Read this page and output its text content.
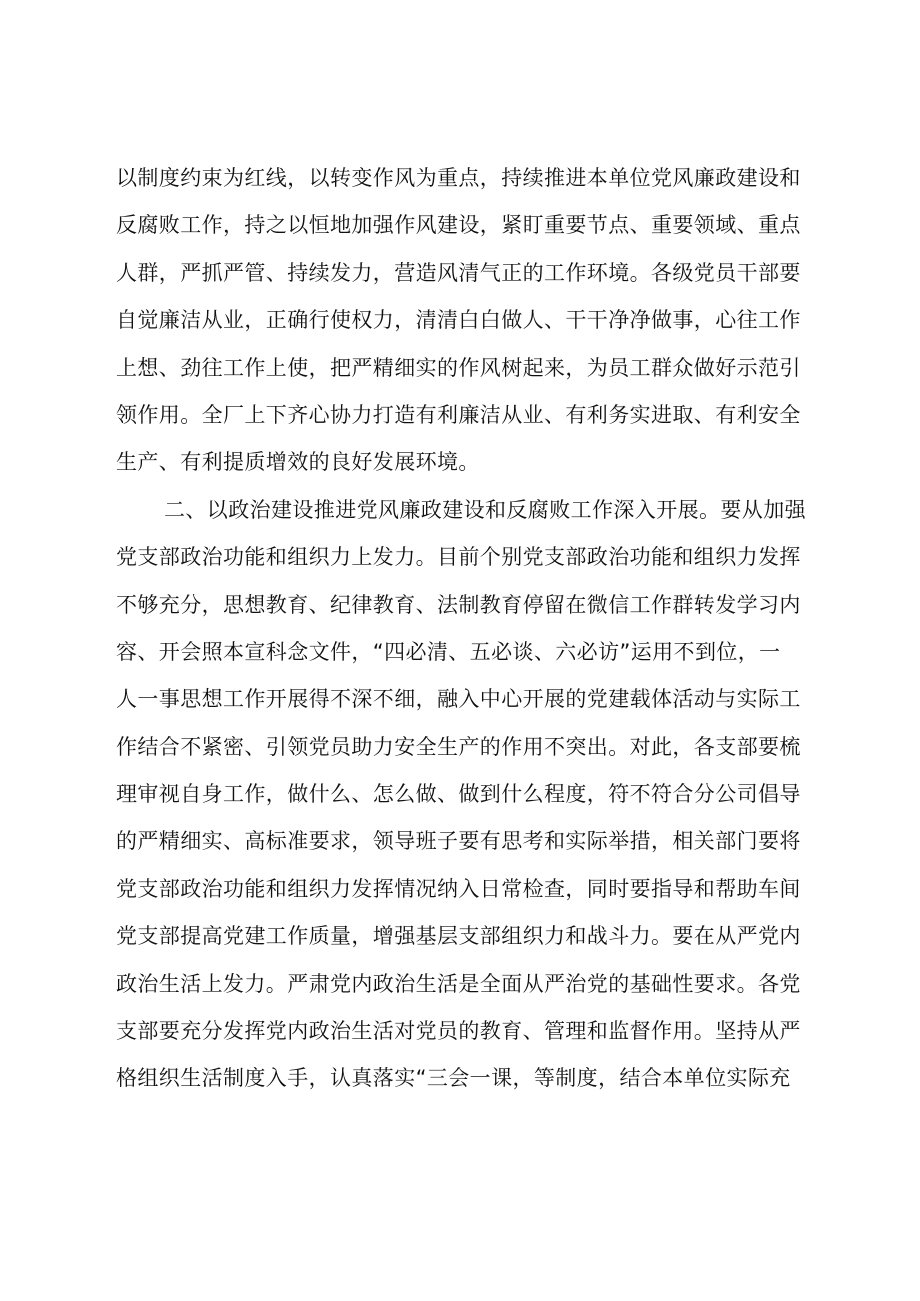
以制度约束为红线，以转变作风为重点，持续推进本单位党风廉政建设和
反腐败工作，持之以恒地加强作风建设，紧盯重要节点、重要领域、重点
人群，严抓严管、持续发力，营造风清气正的工作环境。各级党员干部要
自觉廉洁从业，正确行使权力，清清白白做人、干干净净做事，心往工作
上想、劲往工作上使，把严精细实的作风树起来，为员工群众做好示范引
领作用。全厂上下齐心协力打造有利廉洁从业、有利务实进取、有利安全
生产、有利提质增效的良好发展环境。
二、以政治建设推进党风廉政建设和反腐败工作深入开展。要从加强
党支部政治功能和组织力上发力。目前个别党支部政治功能和组织力发挥
不够充分，思想教育、纪律教育、法制教育停留在微信工作群转发学习内
容、开会照本宣科念文件，“四必清、五必谈、六必访”运用不到位，一
人一事思想工作开展得不深不细，融入中心开展的党建载体活动与实际工
作结合不紧密、引领党员助力安全生产的作用不突出。对此，各支部要梳
理审视自身工作，做什么、怎么做、做到什么程度，符不符合分公司倡导
的严精细实、高标准要求，领导班子要有思考和实际举措，相关部门要将
党支部政治功能和组织力发挥情况纳入日常检查，同时要指导和帮助车间
党支部提高党建工作质量，增强基层支部组织力和战斗力。要在从严党内
政治生活上发力。严肃党内政治生活是全面从严治党的基础性要求。各党
支部要充分发挥党内政治生活对党员的教育、管理和监督作用。坚持从严
格组织生活制度入手，认真落实“三会一课，等制度，结合本单位实际充
